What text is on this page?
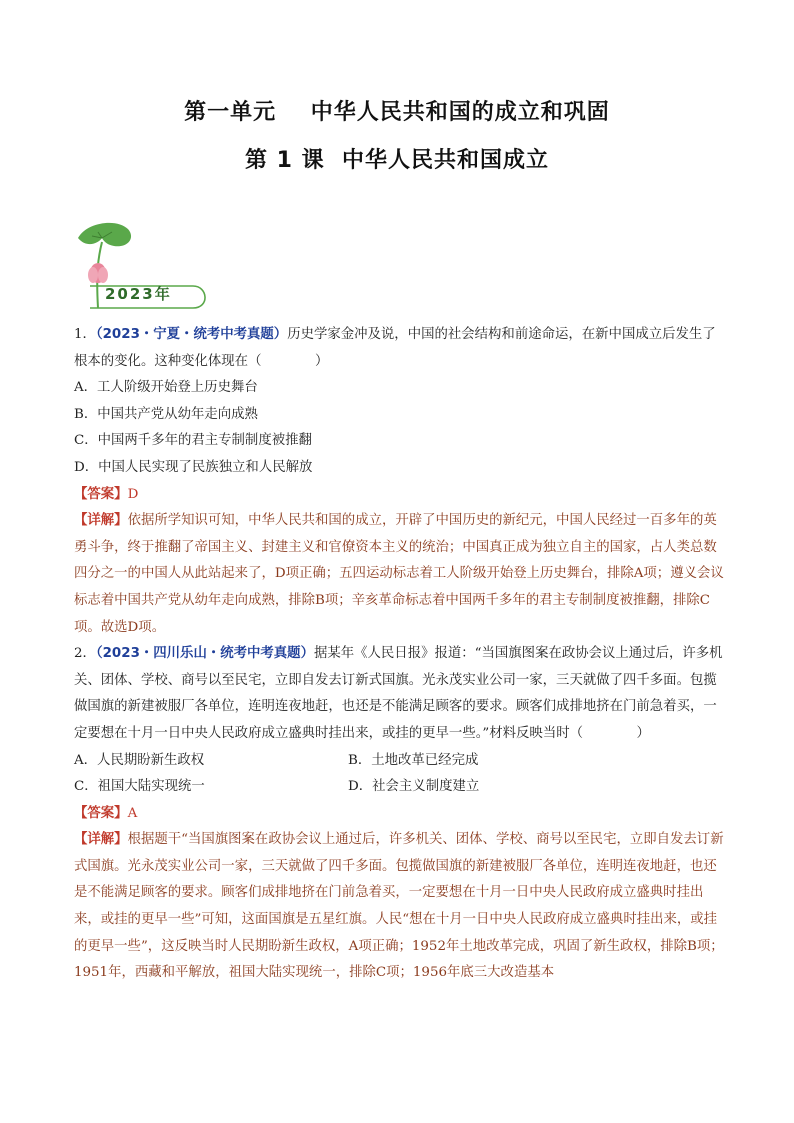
第一单元    中华人民共和国的成立和巩固
第 1 课  中华人民共和国成立
2023年

1．（2023・宁夏・统考中考真题）历史学家金冲及说，中国的社会结构和前途命运，在新中国成立后发生了根本的变化。这种变化体现在（　　　　）

A．工人阶级开始登上历史舞台

B．中国共产党从幼年走向成熟

C．中国两千多年的君主专制制度被推翻

D．中国人民实现了民族独立和人民解放

【答案】D

【详解】依据所学知识可知，中华人民共和国的成立，开辟了中国历史的新纪元，中国人民经过一百多年的英勇斗争，终于推翻了帝国主义、封建主义和官僚资本主义的统治；中国真正成为独立自主的国家，占人类总数四分之一的中国人从此站起来了，D项正确；五四运动标志着工人阶级开始登上历史舞台，排除A项；遵义会议标志着中国共产党从幼年走向成熟，排除B项；辛亥革命标志着中国两千多年的君主专制制度被推翻，排除C项。故选D项。

2．（2023・四川乐山・统考中考真题）据某年《人民日报》报道：“当国旗图案在政协会议上通过后，许多机关、团体、学校、商号以至民宅，立即自发去订新式国旗。光永茂实业公司一家，三天就做了四千多面。包揽做国旗的新建被服厂各单位，连明连夜地赶，也还是不能满足顾客的要求。顾客们成排地挤在门前急着买，一定要想在十月一日中央人民政府成立盛典时挂出来，或挂的更早一些。”材料反映当时（　　　　）

A．人民期盼新生政权	B．土地改革已经完成

C．祖国大陆实现统一	D．社会主义制度建立

【答案】A

【详解】根据题干“当国旗图案在政协会议上通过后，许多机关、团体、学校、商号以至民宅，立即自发去订新式国旗。光永茂实业公司一家，三天就做了四千多面。包揽做国旗的新建被服厂各单位，连明连夜地赶，也还是不能满足顾客的要求。顾客们成排地挤在门前急着买，一定要想在十月一日中央人民政府成立盛典时挂出来，或挂的更早一些”可知，这面国旗是五星红旗。人民“想在十月一日中央人民政府成立盛典时挂出来，或挂的更早一些”，这反映当时人民期盼新生政权，A项正确；1952年土地改革完成，巩固了新生政权，排除B项；1951年，西藏和平解放，祖国大陆实现统一，排除C项；1956年底三大改造基本
